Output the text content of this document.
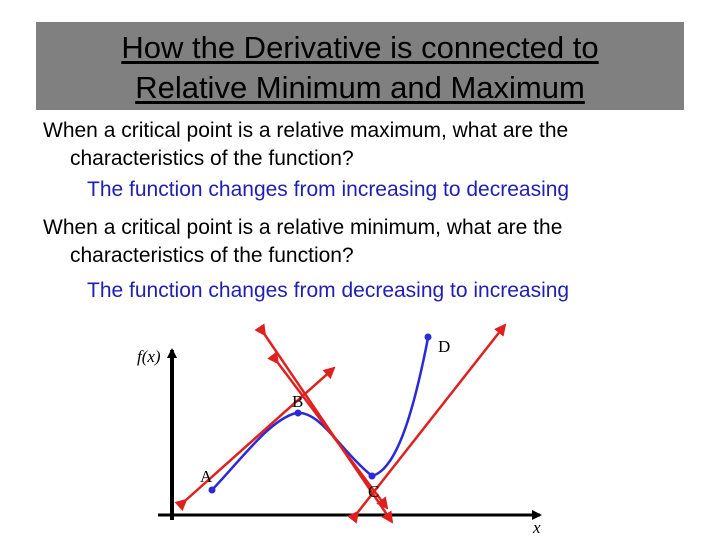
How the Derivative is connected to
Relative Minimum and Maximum
When a critical point is a relative maximum, what are the
characteristics of the function?
The function changes from increasing to decreasing
When a critical point is a relative minimum, what are the
characteristics of the function?
The function changes from decreasing to increasing
f(x)
x
A
B
C
D
